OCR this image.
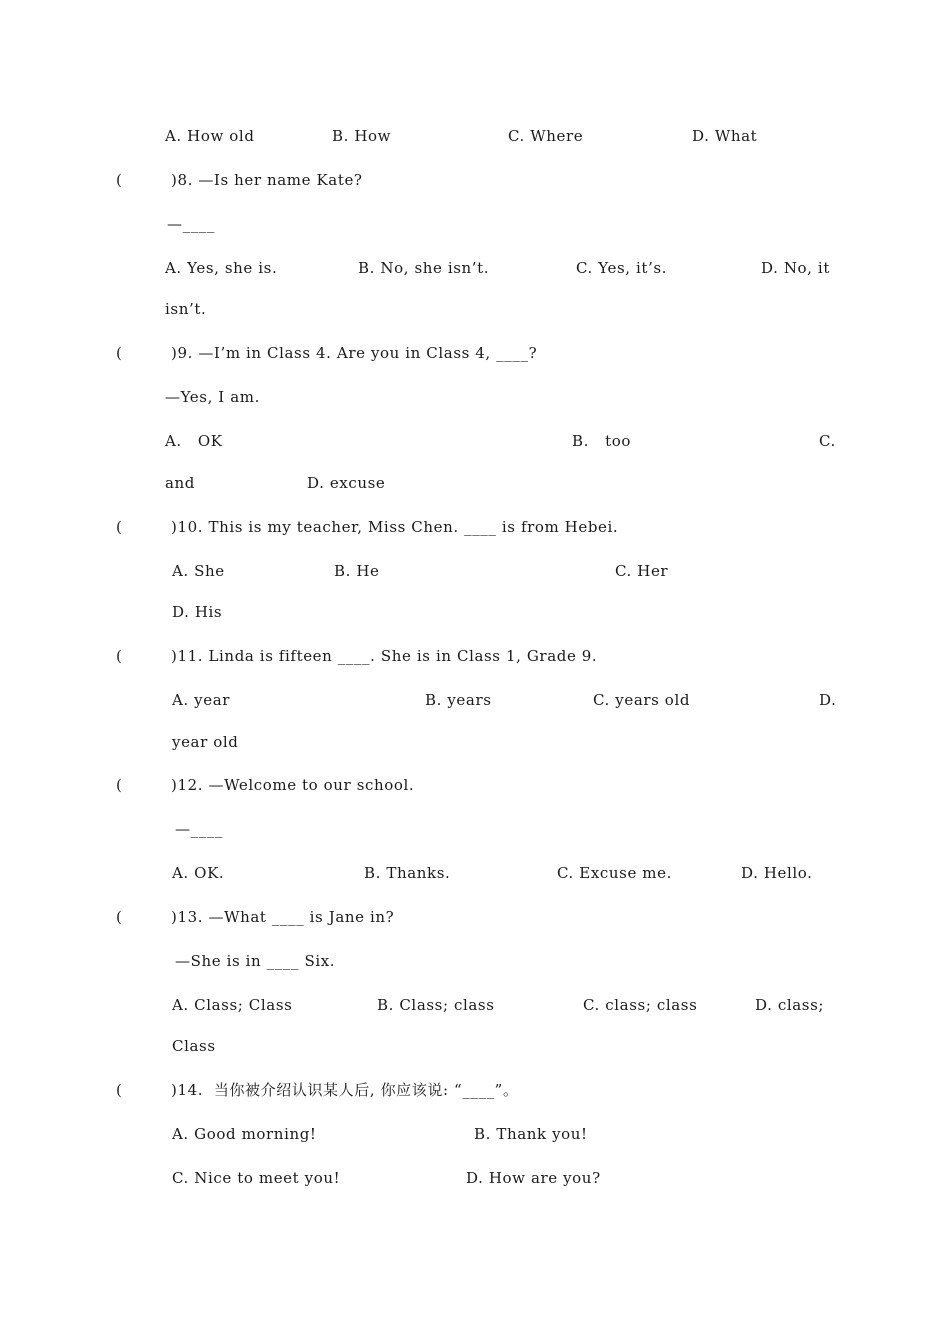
A. How old	B. How	C. Where	D. What
(	)8. —Is her name Kate?
—____
A. Yes, she is.	B. No, she isn’t.	C. Yes, it’s.	D. No, it
isn’t.
(	)9. —I’m in Class 4. Are you in Class 4, ____?
—Yes, I am.
A.   OK	B.   too	C.
and	D. excuse
(	)10. This is my teacher, Miss Chen. ____ is from Hebei.
A. She	B. He	C. Her
D. His
(	)11. Linda is fifteen ____. She is in Class 1, Grade 9.
A. year	B. years	C. years old	D.
year old
(	)12. —Welcome to our school.
—____
A. OK.	B. Thanks.	C. Excuse me.	D. Hello.
(	)13. —What ____ is Jane in?
—She is in ____ Six.
A. Class; Class	B. Class; class	C. class; class	D. class;
Class
(	)14.  当你被介绍认识某人后, 你应该说: “____”。
A. Good morning!	B. Thank you!
C. Nice to meet you!	D. How are you?
